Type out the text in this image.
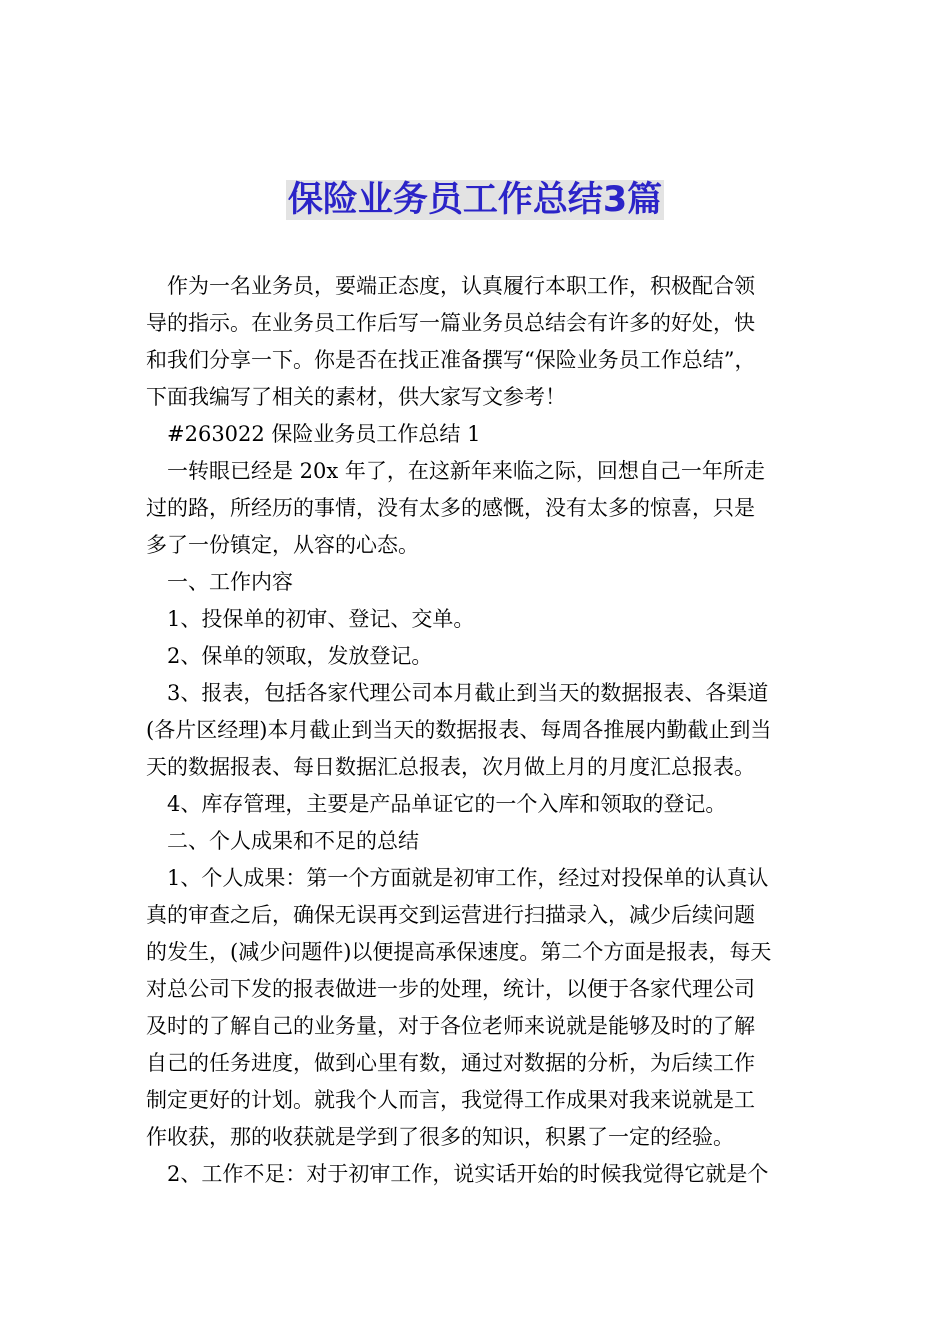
保险业务员工作总结3篇

作为一名业务员，要端正态度，认真履行本职工作，积极配合领

导的指示。在业务员工作后写一篇业务员总结会有许多的好处，快

和我们分享一下。你是否在找正准备撰写“保险业务员工作总结”，

下面我编写了相关的素材，供大家写文参考！

#263022 保险业务员工作总结 1

一转眼已经是 20x 年了，在这新年来临之际，回想自己一年所走

过的路，所经历的事情，没有太多的感慨，没有太多的惊喜，只是

多了一份镇定，从容的心态。

一、工作内容

1、投保单的初审、登记、交单。

2、保单的领取，发放登记。

3、报表，包括各家代理公司本月截止到当天的数据报表、各渠道

(各片区经理)本月截止到当天的数据报表、每周各推展内勤截止到当

天的数据报表、每日数据汇总报表，次月做上月的月度汇总报表。

4、库存管理，主要是产品单证它的一个入库和领取的登记。

二、个人成果和不足的总结

1、个人成果：第一个方面就是初审工作，经过对投保单的认真认

真的审查之后，确保无误再交到运营进行扫描录入，减少后续问题

的发生，(减少问题件)以便提高承保速度。第二个方面是报表，每天

对总公司下发的报表做进一步的处理，统计，以便于各家代理公司

及时的了解自己的业务量，对于各位老师来说就是能够及时的了解

自己的任务进度，做到心里有数，通过对数据的分析，为后续工作

制定更好的计划。就我个人而言，我觉得工作成果对我来说就是工

作收获，那的收获就是学到了很多的知识，积累了一定的经验。

2、工作不足：对于初审工作，说实话开始的时候我觉得它就是个
